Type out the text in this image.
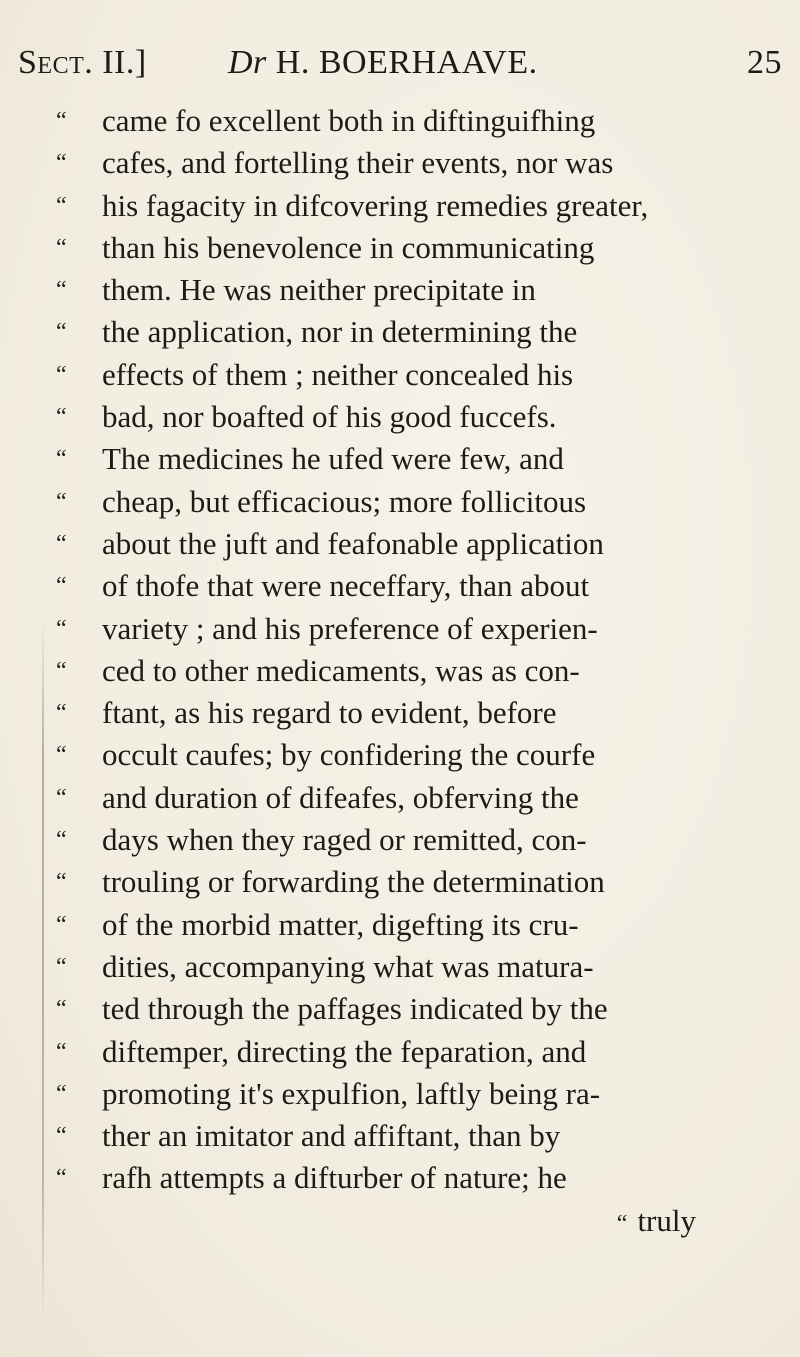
Sect. II.] Dr H. BOERHAAVE.	25
“ came fo excellent both in diftinguifhing
“ cafes, and fortelling their events, nor was
“ his fagacity in difcovering remedies greater,
“ than his benevolence in communicating
“ them. He was neither precipitate in
“ the application, nor in determining the
“ effects of them ; neither concealed his
“ bad, nor boafted of his good fuccefs.
“ The medicines he ufed were few, and
“ cheap, but efficacious; more follicitous
“ about the juft and feafonable application
“ of thofe that were neceffary, than about
“ variety ; and his preference of experien-
“ ced to other medicaments, was as con-
“ ftant, as his regard to evident, before
“ occult caufes; by confidering the courfe
“ and duration of difeafes, obferving the
“ days when they raged or remitted, con-
“ trouling or forwarding the determination
“ of the morbid matter, digefting its cru-
“ dities, accompanying what was matura-
“ ted through the paffages indicated by the
“ diftemper, directing the feparation, and
“ promoting it's expulfion, laftly being ra-
“ ther an imitator and affiftant, than by
“ rafh attempts a difturber of nature; he
“ truly
